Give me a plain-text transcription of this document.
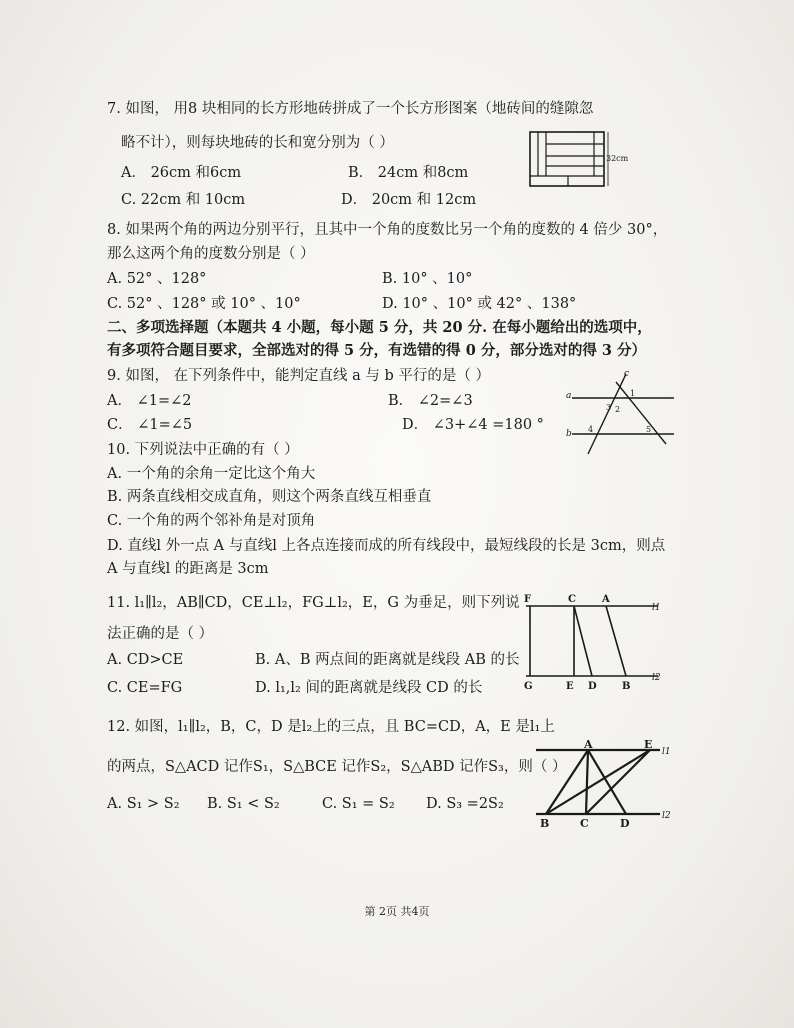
7. 如图， 用8 块相同的长方形地砖拼成了一个长方形图案（地砖间的缝隙忽
略不计），则每块地砖的长和宽分别为（ ）
A． 26cm 和6cm	B． 24cm 和8cm
C. 22cm 和 10cm	D． 20cm 和 12cm
32cm
8. 如果两个角的两边分别平行，且其中一个角的度数比另一个角的度数的 4 倍少 30°，
那么这两个角的度数分别是（ ）
A. 52° 、128°	B. 10° 、10°
C. 52° 、128° 或 10° 、10°	D. 10° 、10° 或 42° 、138°
二、多项选择题（本题共 4 小题，每小题 5 分，共 20 分. 在每小题给出的选项中，
有多项符合题目要求，全部选对的得 5 分，有选错的得 0 分，部分选对的得 3 分）
9. 如图， 在下列条件中，能判定直线 a 与 b 平行的是（ ）
A． ∠1=∠2	B． ∠2=∠3
C． ∠1=∠5	D． ∠3+∠4 =180 °
a
b
c
1
2
3
4	5
10. 下列说法中正确的有（ ）
A. 一个角的余角一定比这个角大
B. 两条直线相交成直角，则这个两条直线互相垂直
C. 一个角的两个邻补角是对顶角
D. 直线l 外一点 A 与直线l 上各点连接而成的所有线段中，最短线段的长是 3cm，则点
A 与直线l 的距离是 3cm
11. l₁∥l₂，AB∥CD，CE⊥l₂，FG⊥l₂，E，G 为垂足，则下列说
法正确的是（ ）
A. CD>CE	B. A、B 两点间的距离就是线段 AB 的长
C. CE=FG	D. l₁,l₂ 间的距离就是线段 CD 的长
F	C	A
l1
G	E D	B
l2
12. 如图，l₁∥l₂，B，C，D 是l₂上的三点，且 BC=CD，A，E 是l₁上
的两点，S△ACD 记作S₁，S△BCE 记作S₂，S△ABD 记作S₃，则（ ）
A. S₁ > S₂ B. S₁ < S₂	C. S₁ = S₂ D. S₃ =2S₂
A	E
l1
B	C	D
l2
第 2页 共4页
